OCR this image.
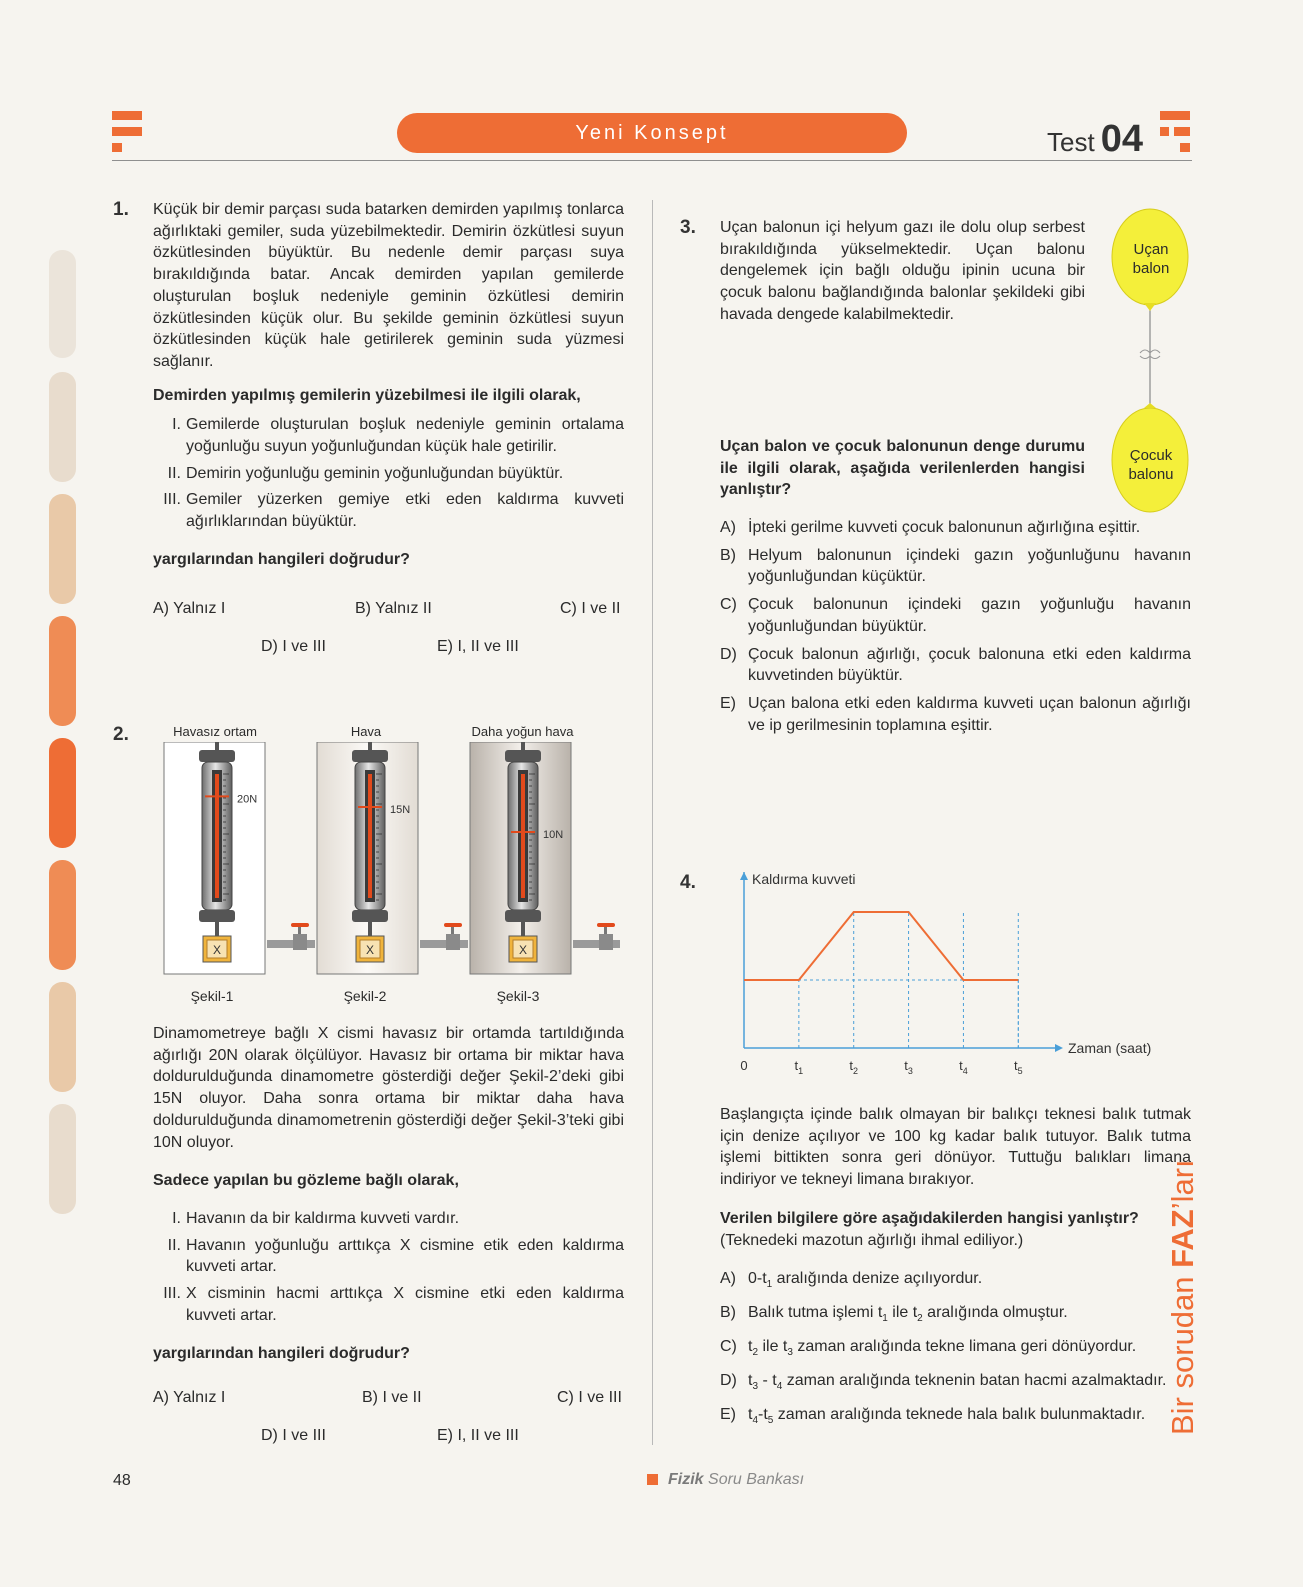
Yeni Konsept	Test 04
1. Küçük bir demir parçası suda batarken demirden yapılmış tonlarca ağırlıktaki gemiler, suda yüzebilmektedir. Demirin özkütlesi suyun özkütlesinden büyüktür. Bu nedenle demir parçası suya bırakıldığında batar. Ancak demirden yapılan gemilerde oluşturulan boşluk nedeniyle geminin özkütlesi demirin özkütlesinden küçük olur. Bu şekilde geminin özkütlesi suyun özkütlesinden küçük hale getirilerek geminin suda yüzmesi sağlanır.
Demirden yapılmış gemilerin yüzebilmesi ile ilgili olarak,
I. Gemilerde oluşturulan boşluk nedeniyle geminin ortalama yoğunluğu suyun yoğunluğundan küçük hale getirilir.
II. Demirin yoğunluğu geminin yoğunluğundan büyüktür.
III. Gemiler yüzerken gemiye etki eden kaldırma kuvveti ağırlıklarından büyüktür.
yargılarından hangileri doğrudur?
A) Yalnız I	B) Yalnız II	C) I ve II
D) I ve III	E) I, II ve III
2.	Havasız ortam	Hava	Daha yoğun hava
20N
X
15N
X
10N
X
Şekil-1	Şekil-2	Şekil-3
Dinamometreye bağlı X cismi havasız bir ortamda tartıldığında ağırlığı 20N olarak ölçülüyor. Havasız bir ortama bir miktar hava doldurulduğunda dinamometre gösterdiği değer Şekil-2’deki gibi 15N oluyor. Daha sonra ortama bir miktar daha hava doldurulduğunda dinamometrenin gösterdiği değer Şekil-3’teki gibi 10N oluyor.
Sadece yapılan bu gözleme bağlı olarak,
I. Havanın da bir kaldırma kuvveti vardır.
II. Havanın yoğunluğu arttıkça X cismine etik eden kaldırma kuvveti artar.
III. X cisminin hacmi arttıkça X cismine etki eden kaldırma kuvveti artar.
yargılarından hangileri doğrudur?
A) Yalnız I	B) I ve II	C) I ve III
D) I ve III	E) I, II ve III
3. Uçan balonun içi helyum gazı ile dolu olup serbest bırakıldığında yükselmektedir. Uçan balonu dengelemek için bağlı olduğu ipinin ucuna bir çocuk balonu bağlandığında balonlar şekildeki gibi havada dengede kalabilmektedir.
Uçan
balon
Çocuk
balonu
Uçan balon ve çocuk balonunun denge durumu ile ilgili olarak, aşağıda verilenlerden hangisi yanlıştır?
A) İpteki gerilme kuvveti çocuk balonunun ağırlığına eşittir.
B) Helyum balonunun içindeki gazın yoğunluğunu havanın yoğunluğundan küçüktür.
C) Çocuk balonunun içindeki gazın yoğunluğu havanın yoğunluğundan büyüktür.
D) Çocuk balonun ağırlığı, çocuk balonuna etki eden kaldırma kuvvetinden büyüktür.
E) Uçan balona etki eden kaldırma kuvveti uçan balonun ağırlığı ve ip gerilmesinin toplamına eşittir.
4.	Kaldırma kuvveti
Zaman (saat)
0	$t_1$	$t_2$	$t_3$	$t_4$	$t_5$
Başlangıçta içinde balık olmayan bir balıkçı teknesi balık tutmak için denize açılıyor ve 100 kg kadar balık tutuyor. Balık tutma işlemi bittikten sonra geri dönüyor. Tuttuğu balıkları limana indiriyor ve tekneyi limana bırakıyor.
Verilen bilgilere göre aşağıdakilerden hangisi yanlıştır?
(Teknedeki mazotun ağırlığı ihmal ediliyor.)
A) $0-t_1$ aralığında denize açılıyordur.
B) Balık tutma işlemi $t_1$ ile $t_2$ aralığında olmuştur.
C) $t_2$ ile $t_3$ zaman aralığında tekne limana geri dönüyordur.
D) $t_3 - t_4$ zaman aralığında teknenin batan hacmi azalmaktadır.
E) $t_4-t_5$ zaman aralığında teknede hala balık bulunmaktadır. Bir sorudan FAZ’ları
48	Fizik Soru Bankası
